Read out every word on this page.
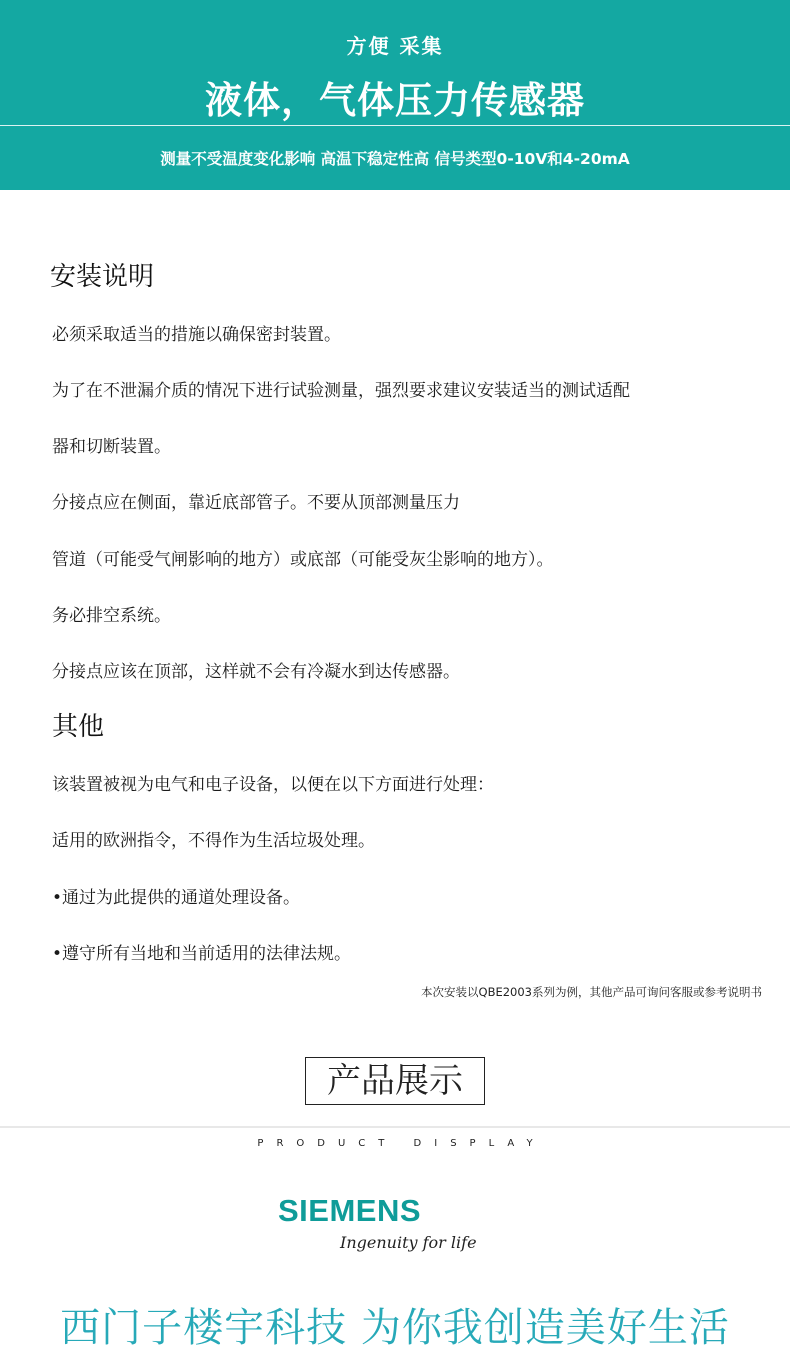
方便 采集
液体，气体压力传感器
测量不受温度变化影响 高温下稳定性高 信号类型0-10V和4-20mA
安装说明
必须采取适当的措施以确保密封装置。
为了在不泄漏介质的情况下进行试验测量，强烈要求建议安装适当的测试适配
器和切断装置。
分接点应在侧面，靠近底部管子。不要从顶部测量压力
管道（可能受气闸影响的地方）或底部（可能受灰尘影响的地方）。
务必排空系统。
分接点应该在顶部，这样就不会有冷凝水到达传感器。
其他
该装置被视为电气和电子设备，以便在以下方面进行处理：
适用的欧洲指令，不得作为生活垃圾处理。
•通过为此提供的通道处理设备。
•遵守所有当地和当前适用的法律法规。
本次安装以QBE2003系列为例，其他产品可询问客服或参考说明书
产品展示
PRODUCT DISPLAY
SIEMENS
Ingenuity for life
西门子楼宇科技 为你我创造美好生活
